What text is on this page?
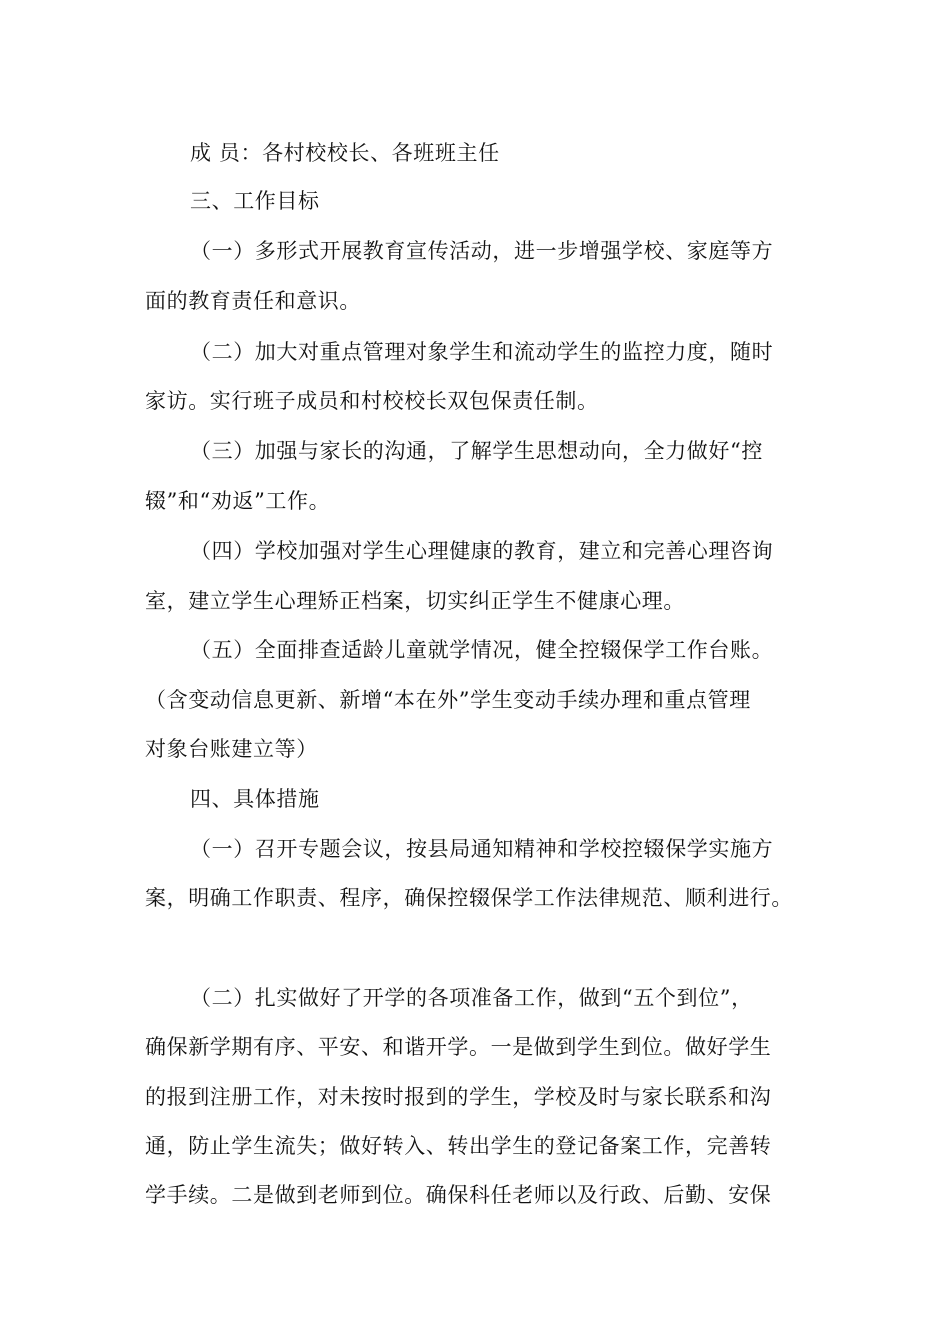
成 员：各村校校长、各班班主任
三、工作目标
（一）多形式开展教育宣传活动，进一步增强学校、家庭等方
面的教育责任和意识。
（二）加大对重点管理对象学生和流动学生的监控力度，随时
家访。实行班子成员和村校校长双包保责任制。
（三）加强与家长的沟通，了解学生思想动向，全力做好“控
辍”和“劝返”工作。
（四）学校加强对学生心理健康的教育，建立和完善心理咨询
室，建立学生心理矫正档案，切实纠正学生不健康心理。
（五）全面排查适龄儿童就学情况，健全控辍保学工作台账。
（含变动信息更新、新增“本在外”学生变动手续办理和重点管理
对象台账建立等）
四、具体措施
（一）召开专题会议，按县局通知精神和学校控辍保学实施方
案，明确工作职责、程序，确保控辍保学工作法律规范、顺利进行。
（二）扎实做好了开学的各项准备工作，做到“五个到位”，
确保新学期有序、平安、和谐开学。一是做到学生到位。做好学生
的报到注册工作，对未按时报到的学生，学校及时与家长联系和沟
通，防止学生流失；做好转入、转出学生的登记备案工作，完善转
学手续。二是做到老师到位。确保科任老师以及行政、后勤、安保
